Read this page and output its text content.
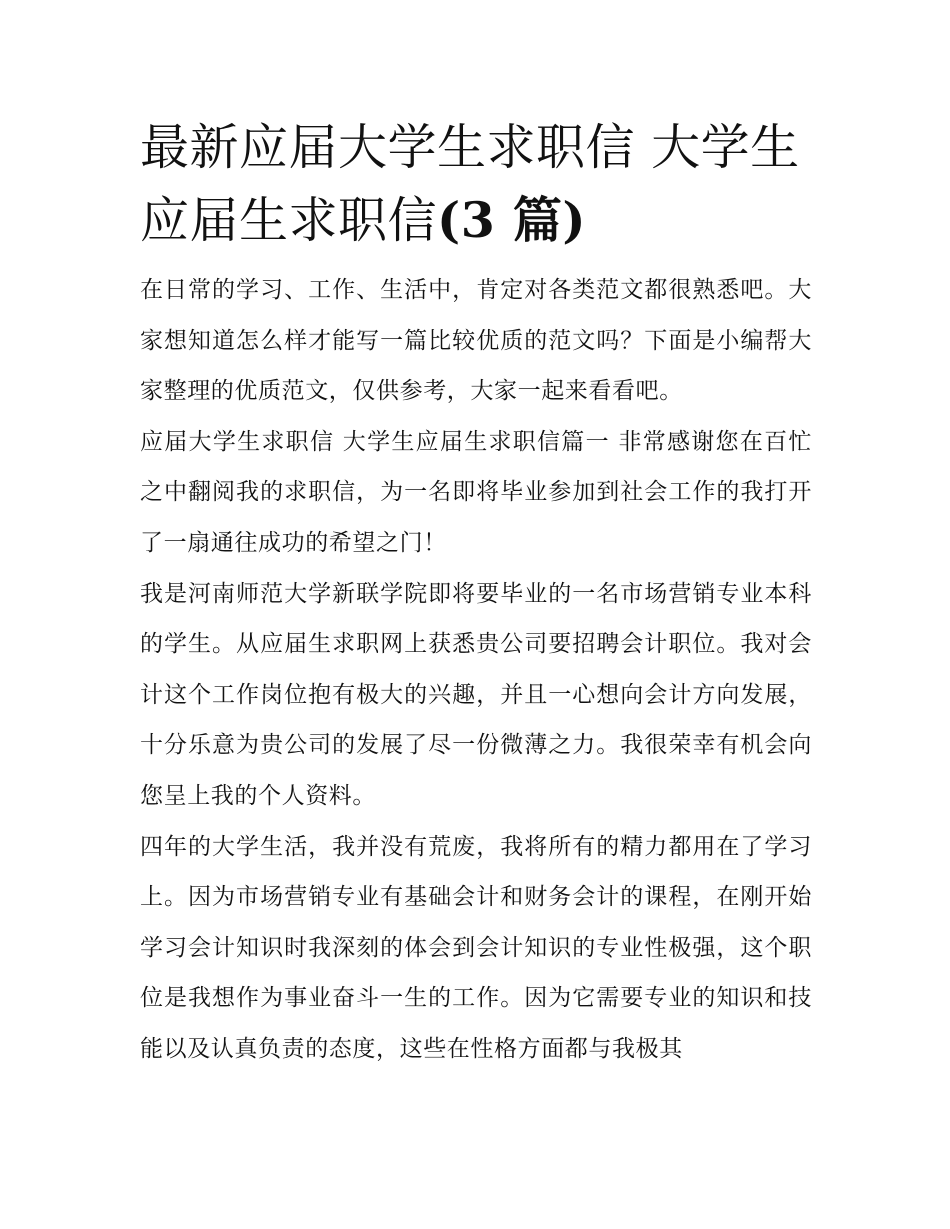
最新应届大学生求职信 大学生
应届生求职信(3 篇)

在日常的学习、工作、生活中，肯定对各类范文都很熟悉吧。大家想知道怎么样才能写一篇比较优质的范文吗？下面是小编帮大家整理的优质范文，仅供参考，大家一起来看看吧。

应届大学生求职信 大学生应届生求职信篇一 非常感谢您在百忙之中翻阅我的求职信，为一名即将毕业参加到社会工作的我打开了一扇通往成功的希望之门！

我是河南师范大学新联学院即将要毕业的一名市场营销专业本科的学生。从应届生求职网上获悉贵公司要招聘会计职位。我对会计这个工作岗位抱有极大的兴趣，并且一心想向会计方向发展，十分乐意为贵公司的发展了尽一份微薄之力。我很荣幸有机会向您呈上我的个人资料。

四年的大学生活，我并没有荒废，我将所有的精力都用在了学习上。因为市场营销专业有基础会计和财务会计的课程，在刚开始学习会计知识时我深刻的体会到会计知识的专业性极强，这个职位是我想作为事业奋斗一生的工作。因为它需要专业的知识和技能以及认真负责的态度，这些在性格方面都与我极其
